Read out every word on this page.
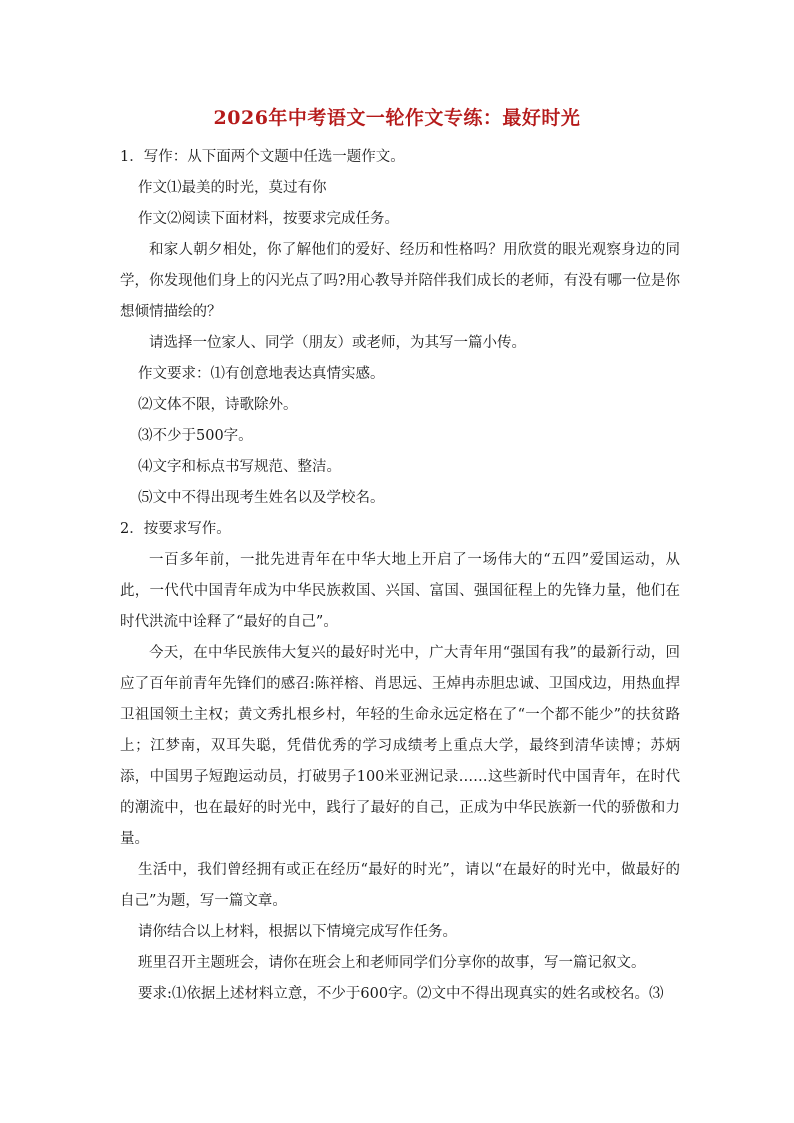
2026年中考语文一轮作文专练：最好时光

1．写作：从下面两个文题中任选一题作文。

作文⑴最美的时光，莫过有你

作文⑵阅读下面材料，按要求完成任务。

和家人朝夕相处，你了解他们的爱好、经历和性格吗？用欣赏的眼光观察身边的同学，你发现他们身上的闪光点了吗?用心教导并陪伴我们成长的老师，有没有哪一位是你想倾情描绘的？

请选择一位家人、同学（朋友）或老师，为其写一篇小传。

作文要求：⑴有创意地表达真情实感。

⑵文体不限，诗歌除外。

⑶不少于500字。

⑷文字和标点书写规范、整洁。

⑸文中不得出现考生姓名以及学校名。

2．按要求写作。

一百多年前，一批先进青年在中华大地上开启了一场伟大的“五四”爱国运动，从此，一代代中国青年成为中华民族救国、兴国、富国、强国征程上的先锋力量，他们在时代洪流中诠释了“最好的自己”。

今天，在中华民族伟大复兴的最好时光中，广大青年用“强国有我”的最新行动，回应了百年前青年先锋们的感召:陈祥榕、肖思远、王焯冉赤胆忠诚、卫国戍边，用热血捍卫祖国领土主权；黄文秀扎根乡村，年轻的生命永远定格在了“一个都不能少”的扶贫路上；江梦南，双耳失聪，凭借优秀的学习成绩考上重点大学，最终到清华读博；苏炳添，中国男子短跑运动员，打破男子100米亚洲记录……这些新时代中国青年，在时代的潮流中，也在最好的时光中，践行了最好的自己，正成为中华民族新一代的骄傲和力量。

生活中，我们曾经拥有或正在经历“最好的时光”，请以“在最好的时光中，做最好的自己”为题，写一篇文章。

请你结合以上材料，根据以下情境完成写作任务。

班里召开主题班会，请你在班会上和老师同学们分享你的故事，写一篇记叙文。

要求:⑴依据上述材料立意，不少于600字。⑵文中不得出现真实的姓名或校名。⑶
